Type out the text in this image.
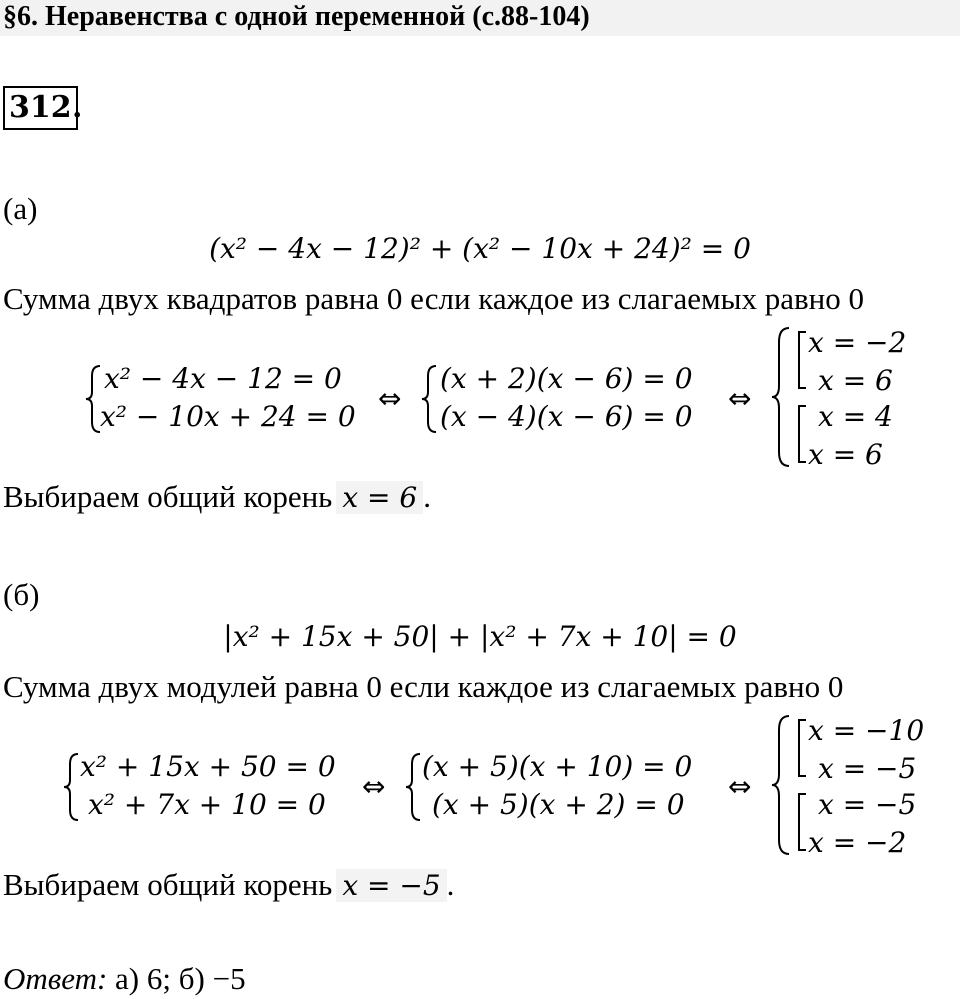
§6. Неравенства с одной переменной (с.88-104)
312 .
(а)
(x² − 4x − 12)² + (x² − 10x + 24)² = 0
Сумма двух квадратов равна 0 если каждое из слагаемых равно 0
x² − 4x − 12 = 0
x² − 10x + 24 = 0
⇔
(x + 2)(x − 6) = 0
(x − 4)(x − 6) = 0
⇔
x = −2
x = 6
x = 4
x = 6
Выбираем общий корень x = 6 .
(б)
|x² + 15x + 50| + |x² + 7x + 10| = 0
Сумма двух модулей равна 0 если каждое из слагаемых равно 0
x² + 15x + 50 = 0
x² + 7x + 10 = 0
⇔
(x + 5)(x + 10) = 0
(x + 5)(x + 2) = 0
⇔
x = −10
x = −5
x = −5
x = −2
Выбираем общий корень x = −5 .
Ответ: а) 6; б) −5
